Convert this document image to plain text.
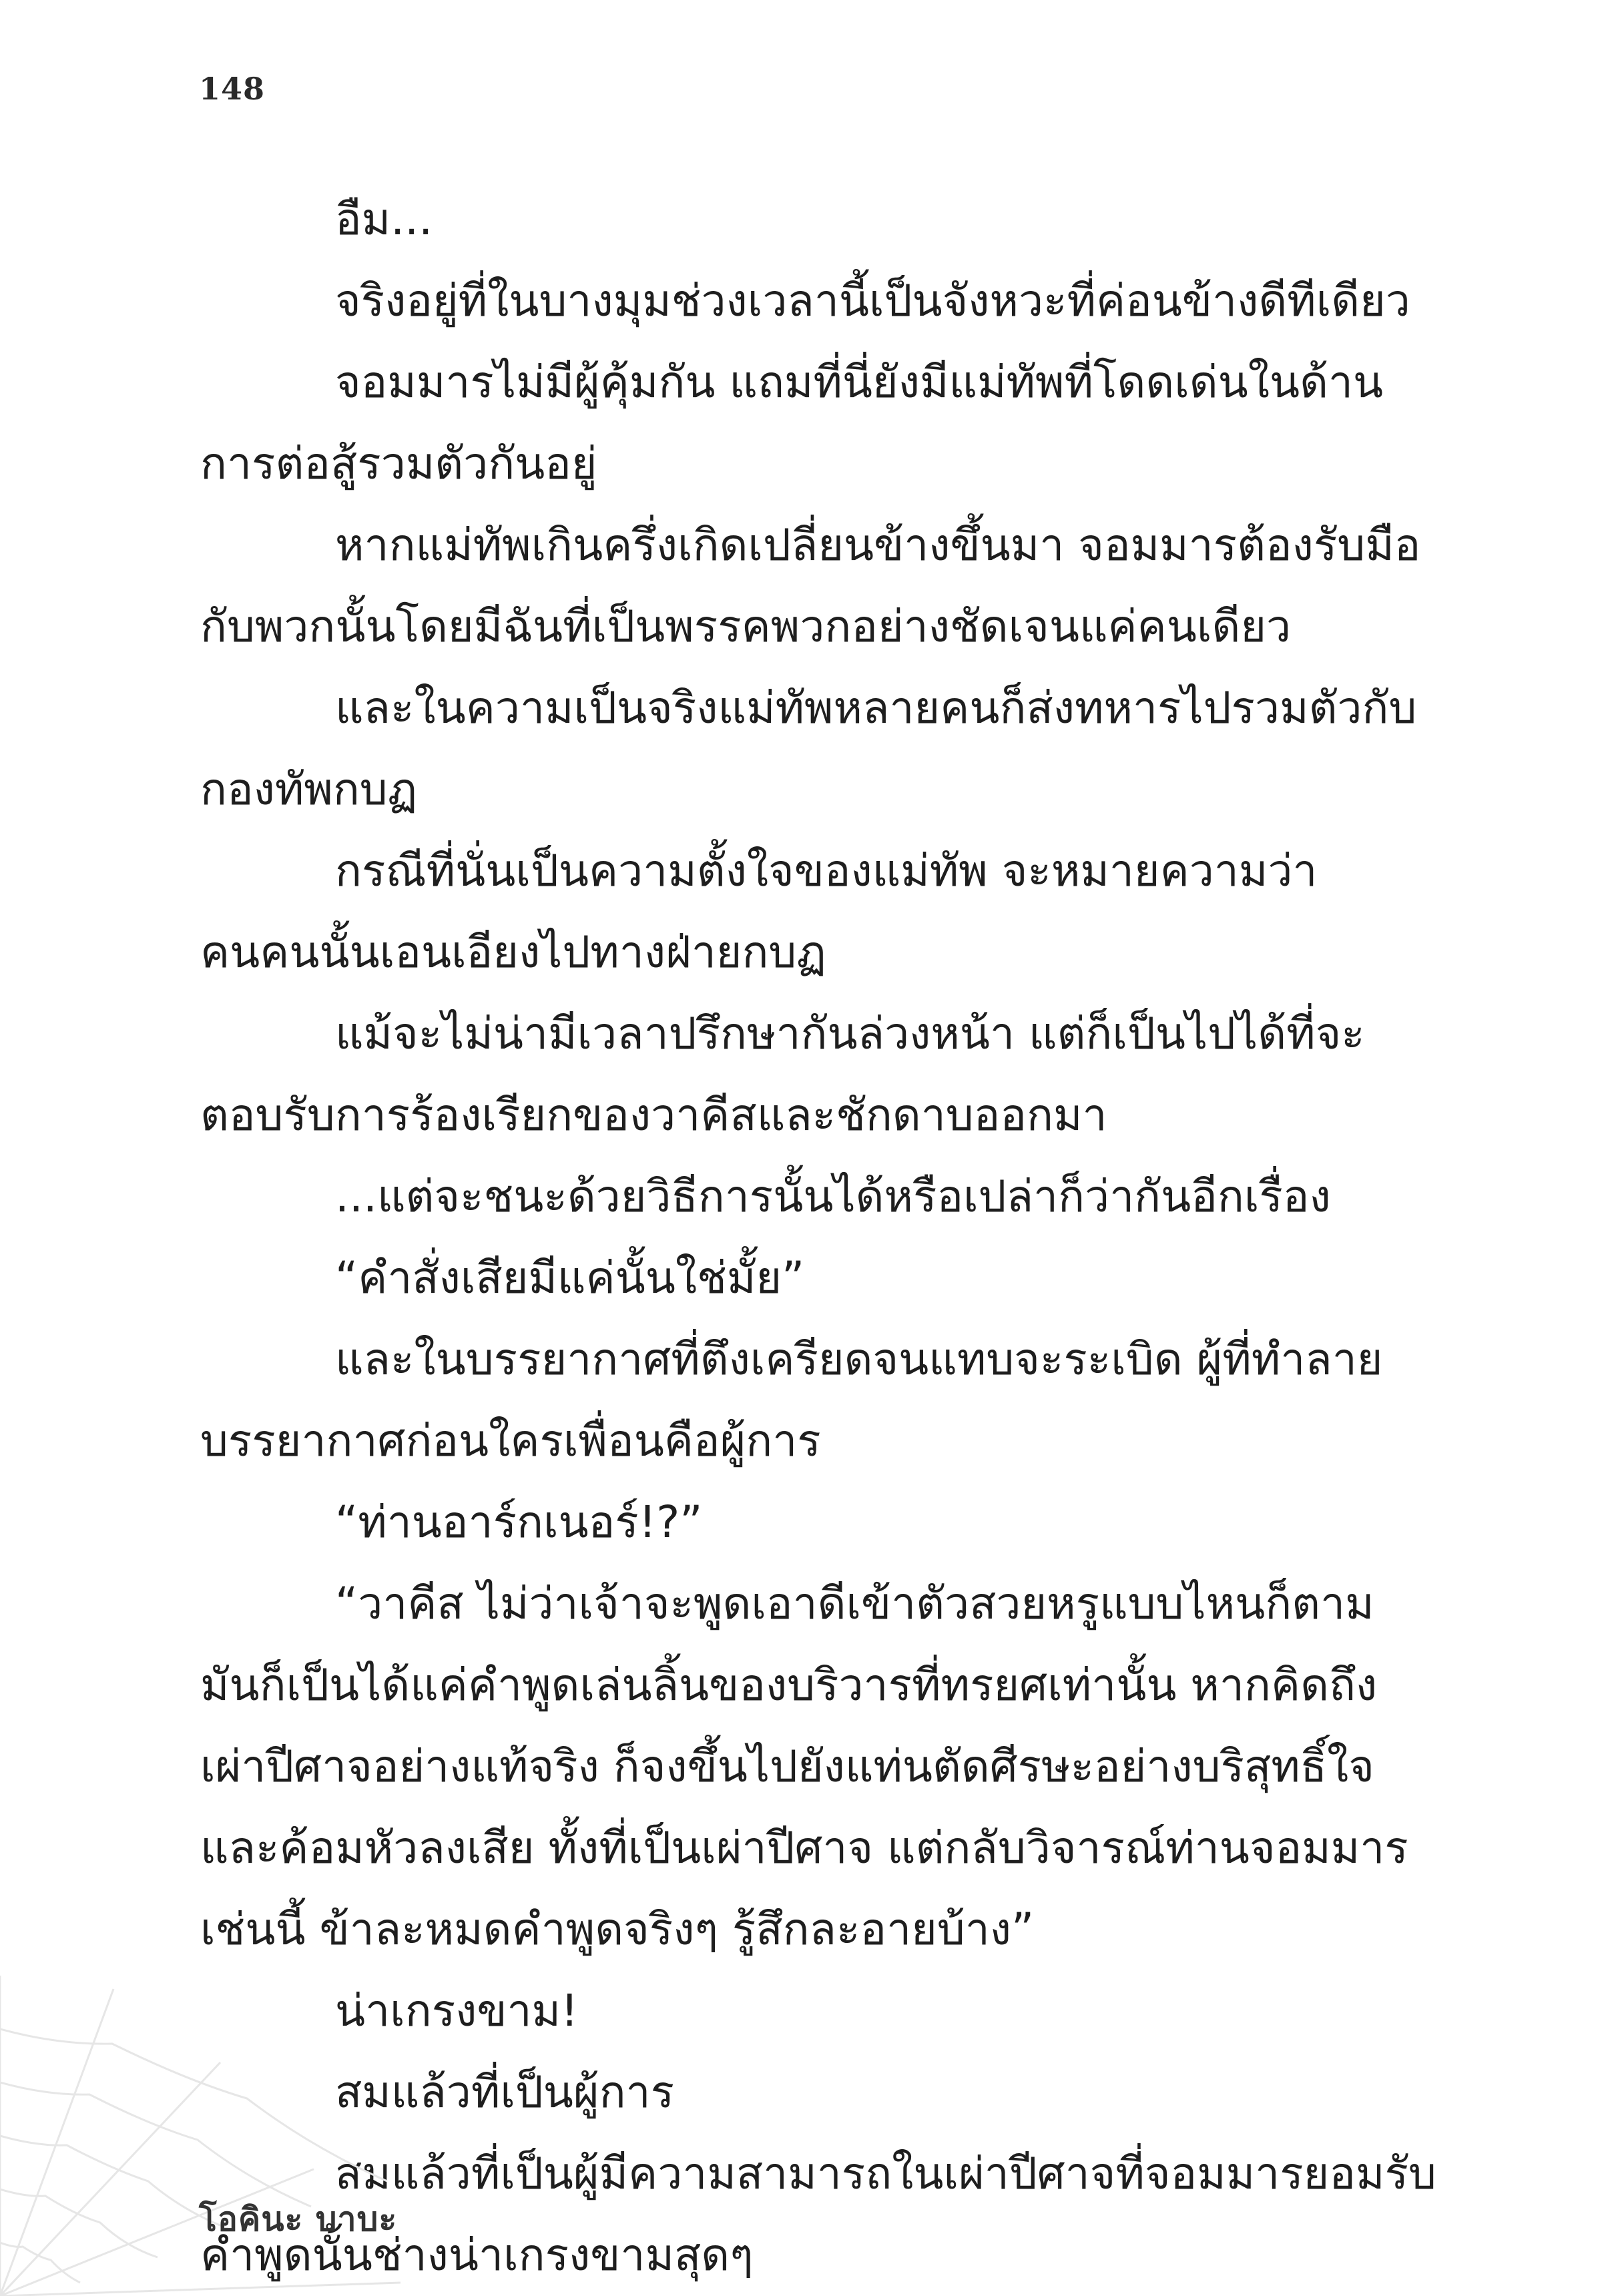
148

อืม...

จริงอยู่ที่ในบางมุมช่วงเวลานี้เป็นจังหวะที่ค่อนข้างดีทีเดียว

จอมมารไม่มีผู้คุ้มกัน แถมที่นี่ยังมีแม่ทัพที่โดดเด่นในด้าน

การต่อสู้รวมตัวกันอยู่

หากแม่ทัพเกินครึ่งเกิดเปลี่ยนข้างขึ้นมา จอมมารต้องรับมือ

กับพวกนั้นโดยมีฉันที่เป็นพรรคพวกอย่างชัดเจนแค่คนเดียว

และในความเป็นจริงแม่ทัพหลายคนก็ส่งทหารไปรวมตัวกับ

กองทัพกบฏ

กรณีที่นั่นเป็นความตั้งใจของแม่ทัพ จะหมายความว่า

คนคนนั้นเอนเอียงไปทางฝ่ายกบฏ

แม้จะไม่น่ามีเวลาปรึกษากันล่วงหน้า แต่ก็เป็นไปได้ที่จะ

ตอบรับการร้องเรียกของวาคีสและชักดาบออกมา

...แต่จะชนะด้วยวิธีการนั้นได้หรือเปล่าก็ว่ากันอีกเรื่อง

“คำสั่งเสียมีแค่นั้นใช่มั้ย”

และในบรรยากาศที่ตึงเครียดจนแทบจะระเบิด ผู้ที่ทำลาย

บรรยากาศก่อนใครเพื่อนคือผู้การ

“ท่านอาร์กเนอร์!?”

“วาคีส ไม่ว่าเจ้าจะพูดเอาดีเข้าตัวสวยหรูแบบไหนก็ตาม

มันก็เป็นได้แค่คำพูดเล่นลิ้นของบริวารที่ทรยศเท่านั้น หากคิดถึง

เผ่าปีศาจอย่างแท้จริง ก็จงขึ้นไปยังแท่นตัดศีรษะอย่างบริสุทธิ์ใจ

และค้อมหัวลงเสีย ทั้งที่เป็นเผ่าปีศาจ แต่กลับวิจารณ์ท่านจอมมาร

เช่นนี้ ข้าละหมดคำพูดจริงๆ รู้สึกละอายบ้าง”

น่าเกรงขาม!

สมแล้วที่เป็นผู้การ

สมแล้วที่เป็นผู้มีความสามารถในเผ่าปีศาจที่จอมมารยอมรับ

คำพูดนั้นช่างน่าเกรงขามสุดๆ

โอคินะ บาบะ
